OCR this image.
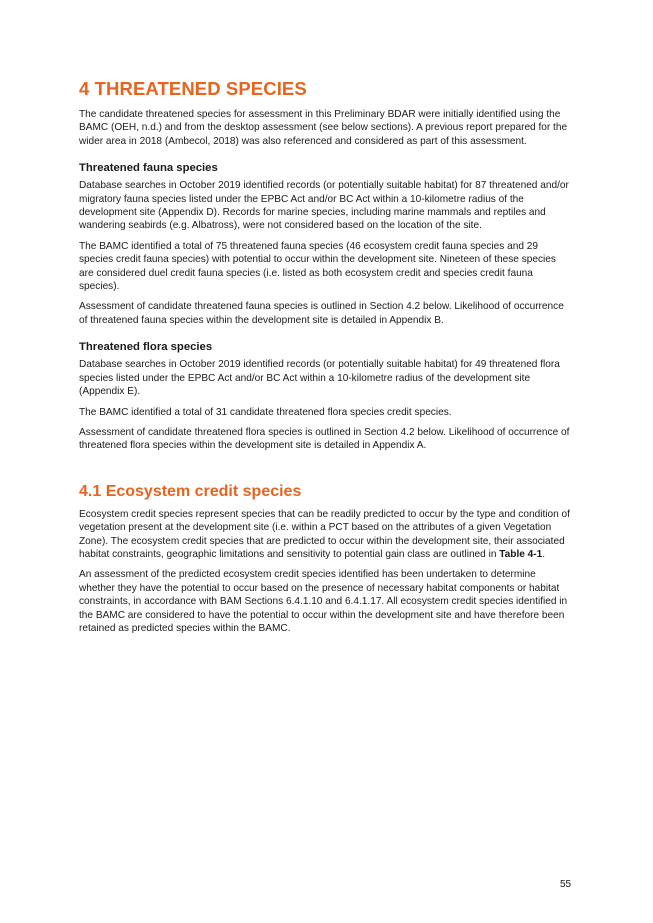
4 THREATENED SPECIES

The candidate threatened species for assessment in this Preliminary BDAR were initially identified using the BAMC (OEH, n.d.) and from the desktop assessment (see below sections). A previous report prepared for the wider area in 2018 (Ambecol, 2018) was also referenced and considered as part of this assessment.

Threatened fauna species

Database searches in October 2019 identified records (or potentially suitable habitat) for 87 threatened and/or migratory fauna species listed under the EPBC Act and/or BC Act within a 10-kilometre radius of the development site (Appendix D). Records for marine species, including marine mammals and reptiles and wandering seabirds (e.g. Albatross), were not considered based on the location of the site.

The BAMC identified a total of 75 threatened fauna species (46 ecosystem credit fauna species and 29 species credit fauna species) with potential to occur within the development site. Nineteen of these species are considered duel credit fauna species (i.e. listed as both ecosystem credit and species credit fauna species).

Assessment of candidate threatened fauna species is outlined in Section 4.2 below. Likelihood of occurrence of threatened fauna species within the development site is detailed in Appendix B.

Threatened flora species

Database searches in October 2019 identified records (or potentially suitable habitat) for 49 threatened flora species listed under the EPBC Act and/or BC Act within a 10-kilometre radius of the development site (Appendix E).

The BAMC identified a total of 31 candidate threatened flora species credit species.

Assessment of candidate threatened flora species is outlined in Section 4.2 below. Likelihood of occurrence of threatened flora species within the development site is detailed in Appendix A.

4.1 Ecosystem credit species

Ecosystem credit species represent species that can be readily predicted to occur by the type and condition of vegetation present at the development site (i.e. within a PCT based on the attributes of a given Vegetation Zone). The ecosystem credit species that are predicted to occur within the development site, their associated habitat constraints, geographic limitations and sensitivity to potential gain class are outlined in Table 4-1.

An assessment of the predicted ecosystem credit species identified has been undertaken to determine whether they have the potential to occur based on the presence of necessary habitat components or habitat constraints, in accordance with BAM Sections 6.4.1.10 and 6.4.1.17. All ecosystem credit species identified in the BAMC are considered to have the potential to occur within the development site and have therefore been retained as predicted species within the BAMC.

55
